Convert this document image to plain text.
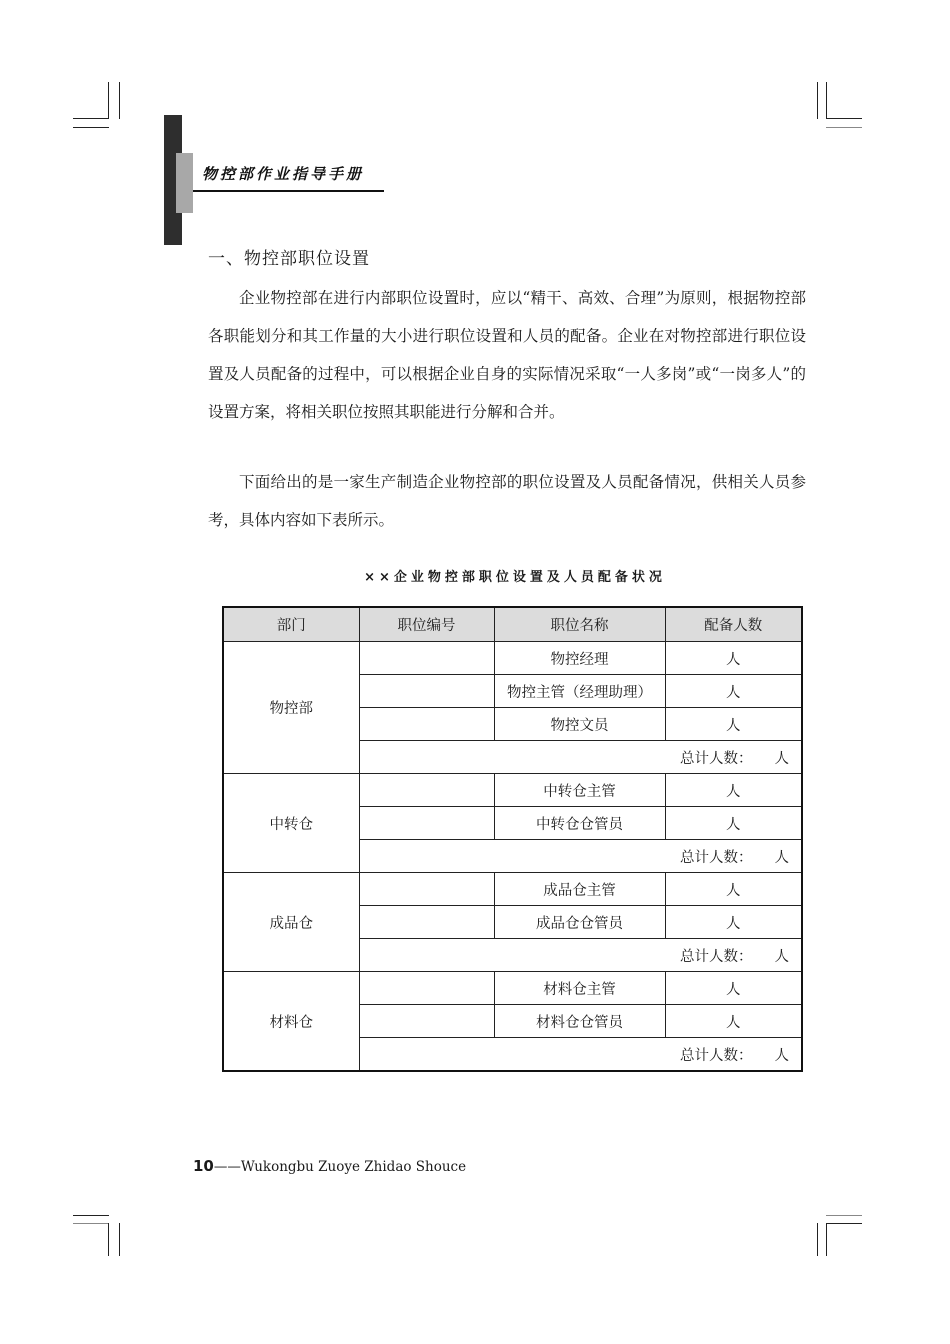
物控部作业指导手册
一、物控部职位设置
企业物控部在进行内部职位设置时，应以“精干、高效、合理”为原则，根据物控部各职能划分和其工作量的大小进行职位设置和人员的配备。企业在对物控部进行职位设置及人员配备的过程中，可以根据企业自身的实际情况采取“一人多岗”或“一岗多人”的设置方案，将相关职位按照其职能进行分解和合并。
下面给出的是一家生产制造企业物控部的职位设置及人员配备情况，供相关人员参考，具体内容如下表所示。
××企业物控部职位设置及人员配备状况
部门	职位编号	职位名称	配备人数
物控部		物控经理	人
		物控主管（经理助理）	人
		物控文员	人
	总计人数： 人		
中转仓		中转仓主管	人
		中转仓仓管员	人
	总计人数： 人		
成品仓		成品仓主管	人
		成品仓仓管员	人
	总计人数： 人		
材料仓		材料仓主管	人
		材料仓仓管员	人
	总计人数： 人		
10——Wukongbu Zuoye Zhidao Shouce
